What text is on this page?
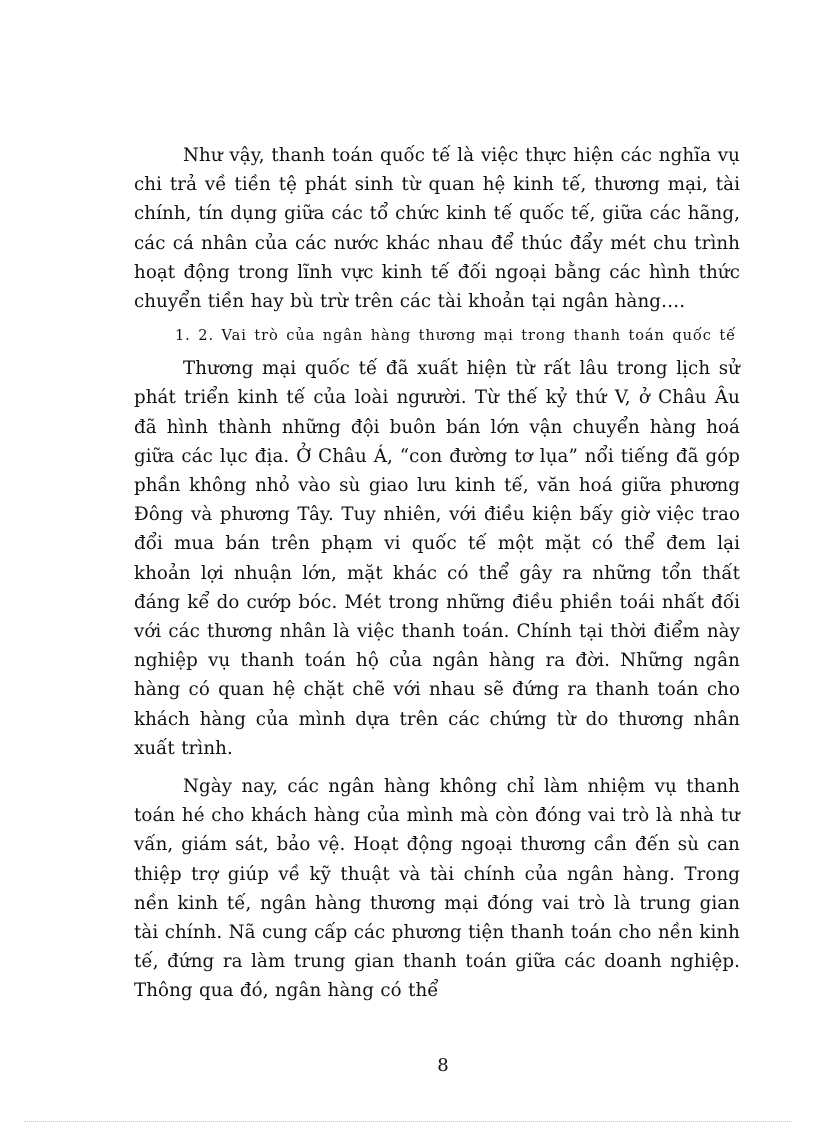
Như vậy, thanh toán quốc tế là việc thực hiện các nghĩa vụ chi trả về tiền tệ phát sinh từ quan hệ kinh tế, thương mại, tài chính, tín dụng giữa các tổ chức kinh tế quốc tế, giữa các hãng, các cá nhân của các nước khác nhau để thúc đẩy mét chu trình hoạt động trong lĩnh vực kinh tế đối ngoại bằng các hình thức chuyển tiền hay bù trừ trên các tài khoản tại ngân hàng….

1. 2. Vai trò của ngân hàng thương mại trong thanh toán quốc tế

Thương mại quốc tế đã xuất hiện từ rất lâu trong lịch sử phát triển kinh tế của loài ngưười. Từ thế kỷ thứ V, ở Châu Âu đã hình thành những đội buôn bán lớn vận chuyển hàng hoá giữa các lục địa. Ở Châu Á, “con đường tơ lụa” nổi tiếng đã góp phần không nhỏ vào sù giao lưu kinh tế, văn hoá giữa phương Đông và phương Tây. Tuy nhiên, với điều kiện bấy giờ việc trao đổi mua bán trên phạm vi quốc tế một mặt có thể đem lại khoản lợi nhuận lớn, mặt khác có thể gây ra những tổn thất đáng kể do cướp bóc. Mét trong những điều phiền toái nhất đối với các thương nhân là việc thanh toán. Chính tại thời điểm này nghiệp vụ thanh toán hộ của ngân hàng ra đời. Những ngân hàng có quan hệ chặt chẽ với nhau sẽ đứng ra thanh toán cho khách hàng của mình dựa trên các chứng từ do thương nhân xuất trình.

Ngày nay, các ngân hàng không chỉ làm nhiệm vụ thanh toán hé cho khách hàng của mình mà còn đóng vai trò là nhà tư vấn, giám sát, bảo vệ. Hoạt động ngoại thương cần đến sù can thiệp trợ giúp về kỹ thuật và tài chính của ngân hàng. Trong nền kinh tế, ngân hàng thương mại đóng vai trò là trung gian tài chính. Nã cung cấp các phương tiện thanh toán cho nền kinh tế, đứng ra làm trung gian thanh toán giữa các doanh nghiệp. Thông qua đó, ngân hàng có thể

8
